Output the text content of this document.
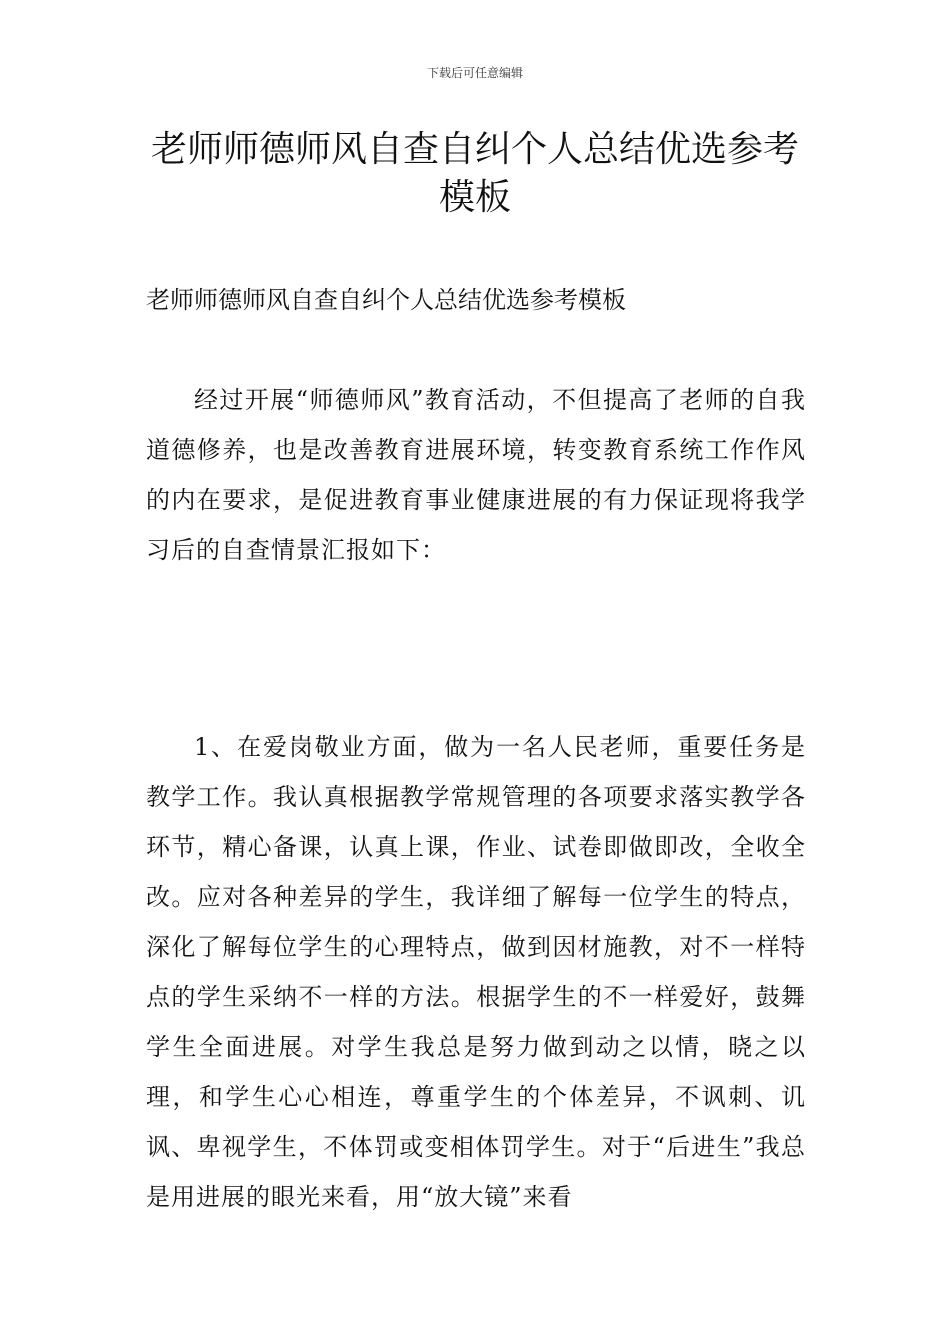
下载后可任意编辑
老师师德师风自查自纠个人总结优选参考模板

老师师德师风自查自纠个人总结优选参考模板

经过开展“师德师风”教育活动，不但提高了老师的自我道德修养，也是改善教育进展环境，转变教育系统工作作风的内在要求，是促进教育事业健康进展的有力保证现将我学习后的自查情景汇报如下：

1、在爱岗敬业方面，做为一名人民老师，重要任务是教学工作。我认真根据教学常规管理的各项要求落实教学各环节，精心备课，认真上课，作业、试卷即做即改，全收全改。应对各种差异的学生，我详细了解每一位学生的特点，深化了解每位学生的心理特点，做到因材施教，对不一样特点的学生采纳不一样的方法。根据学生的不一样爱好，鼓舞学生全面进展。对学生我总是努力做到动之以情，晓之以理，和学生心心相连，尊重学生的个体差异，不讽刺、讥讽、卑视学生，不体罚或变相体罚学生。对于“后进生”我总是用进展的眼光来看，用“放大镜”来看
